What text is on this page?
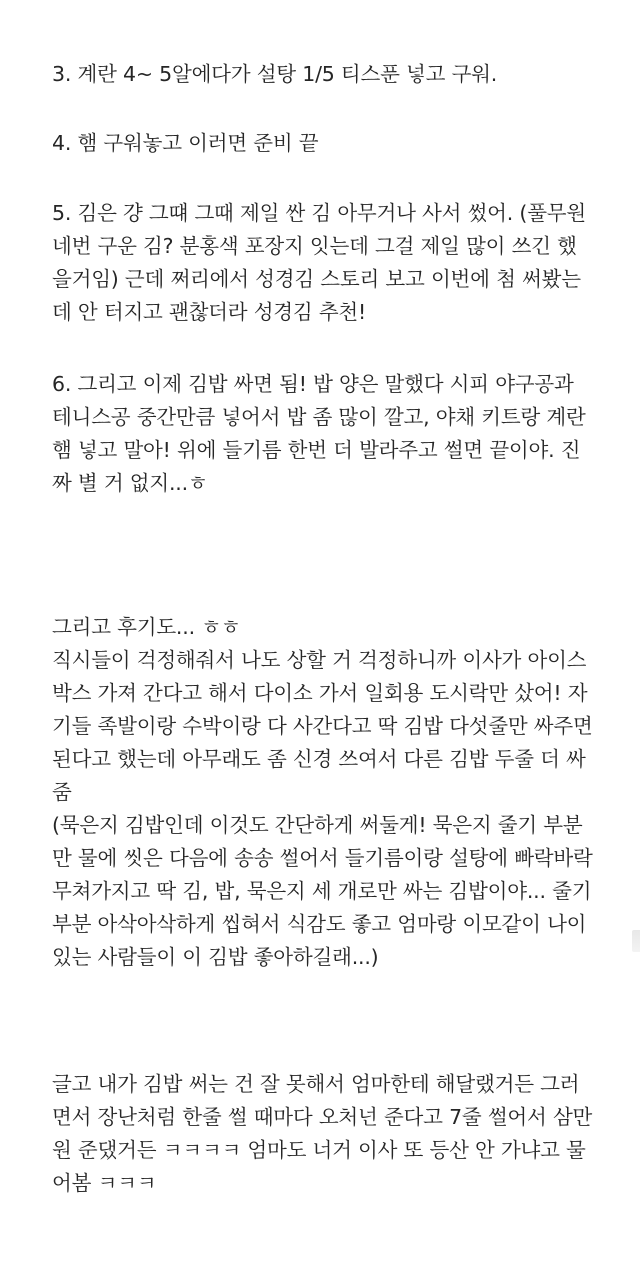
3. 계란 4~ 5알에다가 설탕 1/5 티스푼 넣고 구워.

4. 햄 구워놓고 이러면 준비 끝

5. 김은 걍 그떄 그때 제일 싼 김 아무거나 사서 썼어. (풀무원
네번 구운 김? 분홍색 포장지 잇는데 그걸 제일 많이 쓰긴 했
을거임) 근데 쩌리에서 성경김 스토리 보고 이번에 첨 써봤는
데 안 터지고 괜찮더라 성경김 추천!

6. 그리고 이제 김밥 싸면 됨! 밥 양은 말했다 시피 야구공과
테니스공 중간만큼 넣어서 밥 좀 많이 깔고, 야채 키트랑 계란
햄 넣고 말아! 위에 들기름 한번 더 발라주고 썰면 끝이야. 진
짜 별 거 없지...ㅎ

그리고 후기도... ㅎㅎ
직시들이 걱정해줘서 나도 상할 거 걱정하니까 이사가 아이스
박스 가져 간다고 해서 다이소 가서 일회용 도시락만 샀어! 자
기들 족발이랑 수박이랑 다 사간다고 딱 김밥 다섯줄만 싸주면
된다고 했는데 아무래도 좀 신경 쓰여서 다른 김밥 두줄 더 싸
줌
(묵은지 김밥인데 이것도 간단하게 써둘게! 묵은지 줄기 부분
만 물에 씻은 다음에 송송 썰어서 들기름이랑 설탕에 빠락바락
무쳐가지고 딱 김, 밥, 묵은지 세 개로만 싸는 김밥이야... 줄기
부분 아삭아삭하게 씹혀서 식감도 좋고 엄마랑 이모같이 나이
있는 사람들이 이 김밥 좋아하길래...)

글고 내가 김밥 써는 건 잘 못해서 엄마한테 해달랬거든 그러
면서 장난처럼 한줄 썰 때마다 오처넌 준다고 7줄 썰어서 삼만
원 준댔거든 ㅋㅋㅋㅋ 엄마도 너거 이사 또 등산 안 가냐고 물
어봄 ㅋㅋㅋ
